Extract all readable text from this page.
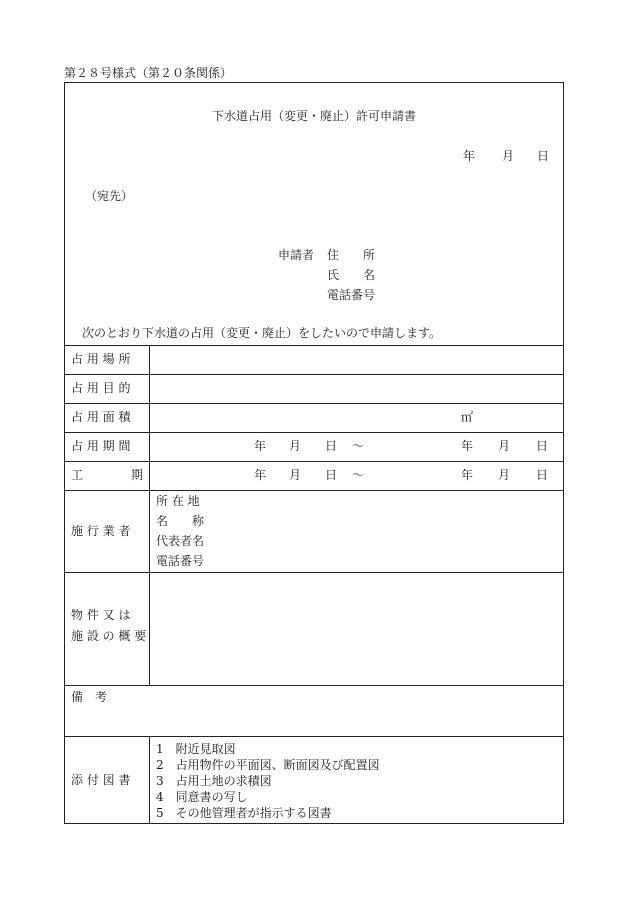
第２８号様式（第２０条関係）
下水道占用（変更・廃止）許可申請書
年 月 日
（宛先）
申請者 住　　所
氏　　名
電話番号
次のとおり下水道の占用（変更・廃止）をしたいので申請します。
占 用 場 所
占 用 目 的
占 用 面 積
占 用 期 間
工　　　　期
施 行 業 者
物 件 又 は
施 設 の 概 要
備　考
添 付 図 書
㎡
年 月 日 ～	年 月 日
年 月 日 ～	年 月 日
所 在 地
名　　称
代表者名
電話番号
1　附近見取図
2　占用物件の平面図、断面図及び配置図
3　占用土地の求積図
4　同意書の写し
5　その他管理者が指示する図書
